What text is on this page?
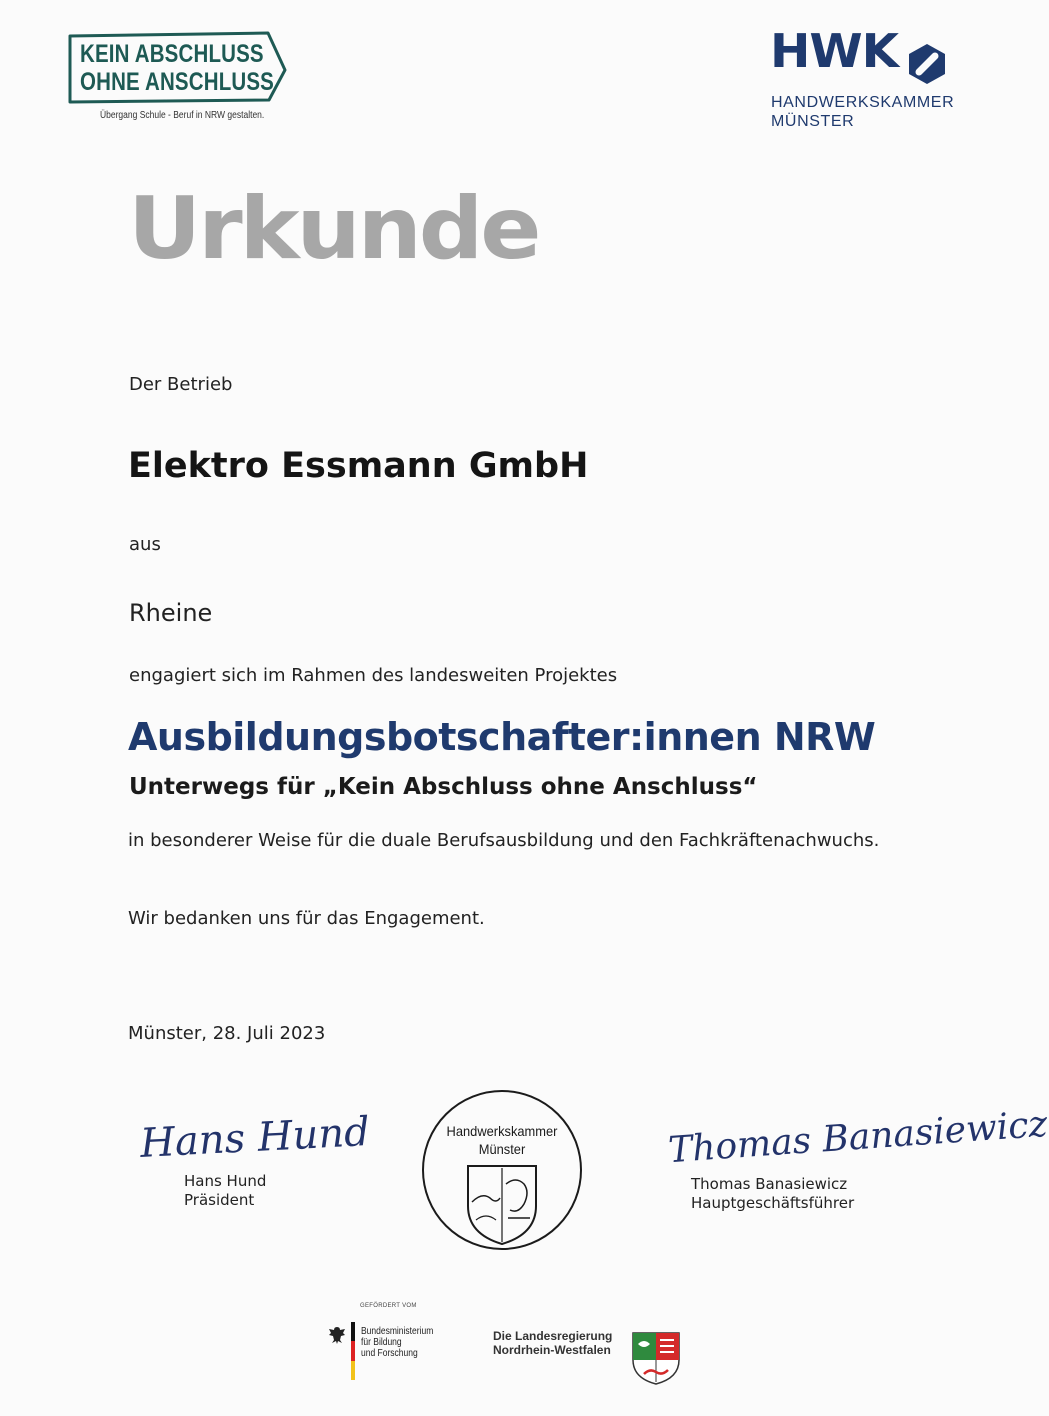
KEIN ABSCHLUSS
OHNE ANSCHLUSS
Übergang Schule - Beruf in NRW gestalten.
HWK
HANDWERKSKAMMER
MÜNSTER
Urkunde
Der Betrieb
Elektro Essmann GmbH
aus
Rheine
engagiert sich im Rahmen des landesweiten Projektes
Ausbildungsbotschafter:innen NRW
Unterwegs für „Kein Abschluss ohne Anschluss“
in besonderer Weise für die duale Berufsausbildung und den Fachkräftenachwuchs.
Wir bedanken uns für das Engagement.
Münster, 28. Juli 2023
Hans Hund
Hans Hund
Präsident
Handwerkskammer
Münster	Thomas Banasiewicz
Thomas Banasiewicz
Hauptgeschäftsführer
GEFÖRDERT VOM
Bundesministerium
für Bildung
und Forschung
Die Landesregierung
Nordrhein-Westfalen
